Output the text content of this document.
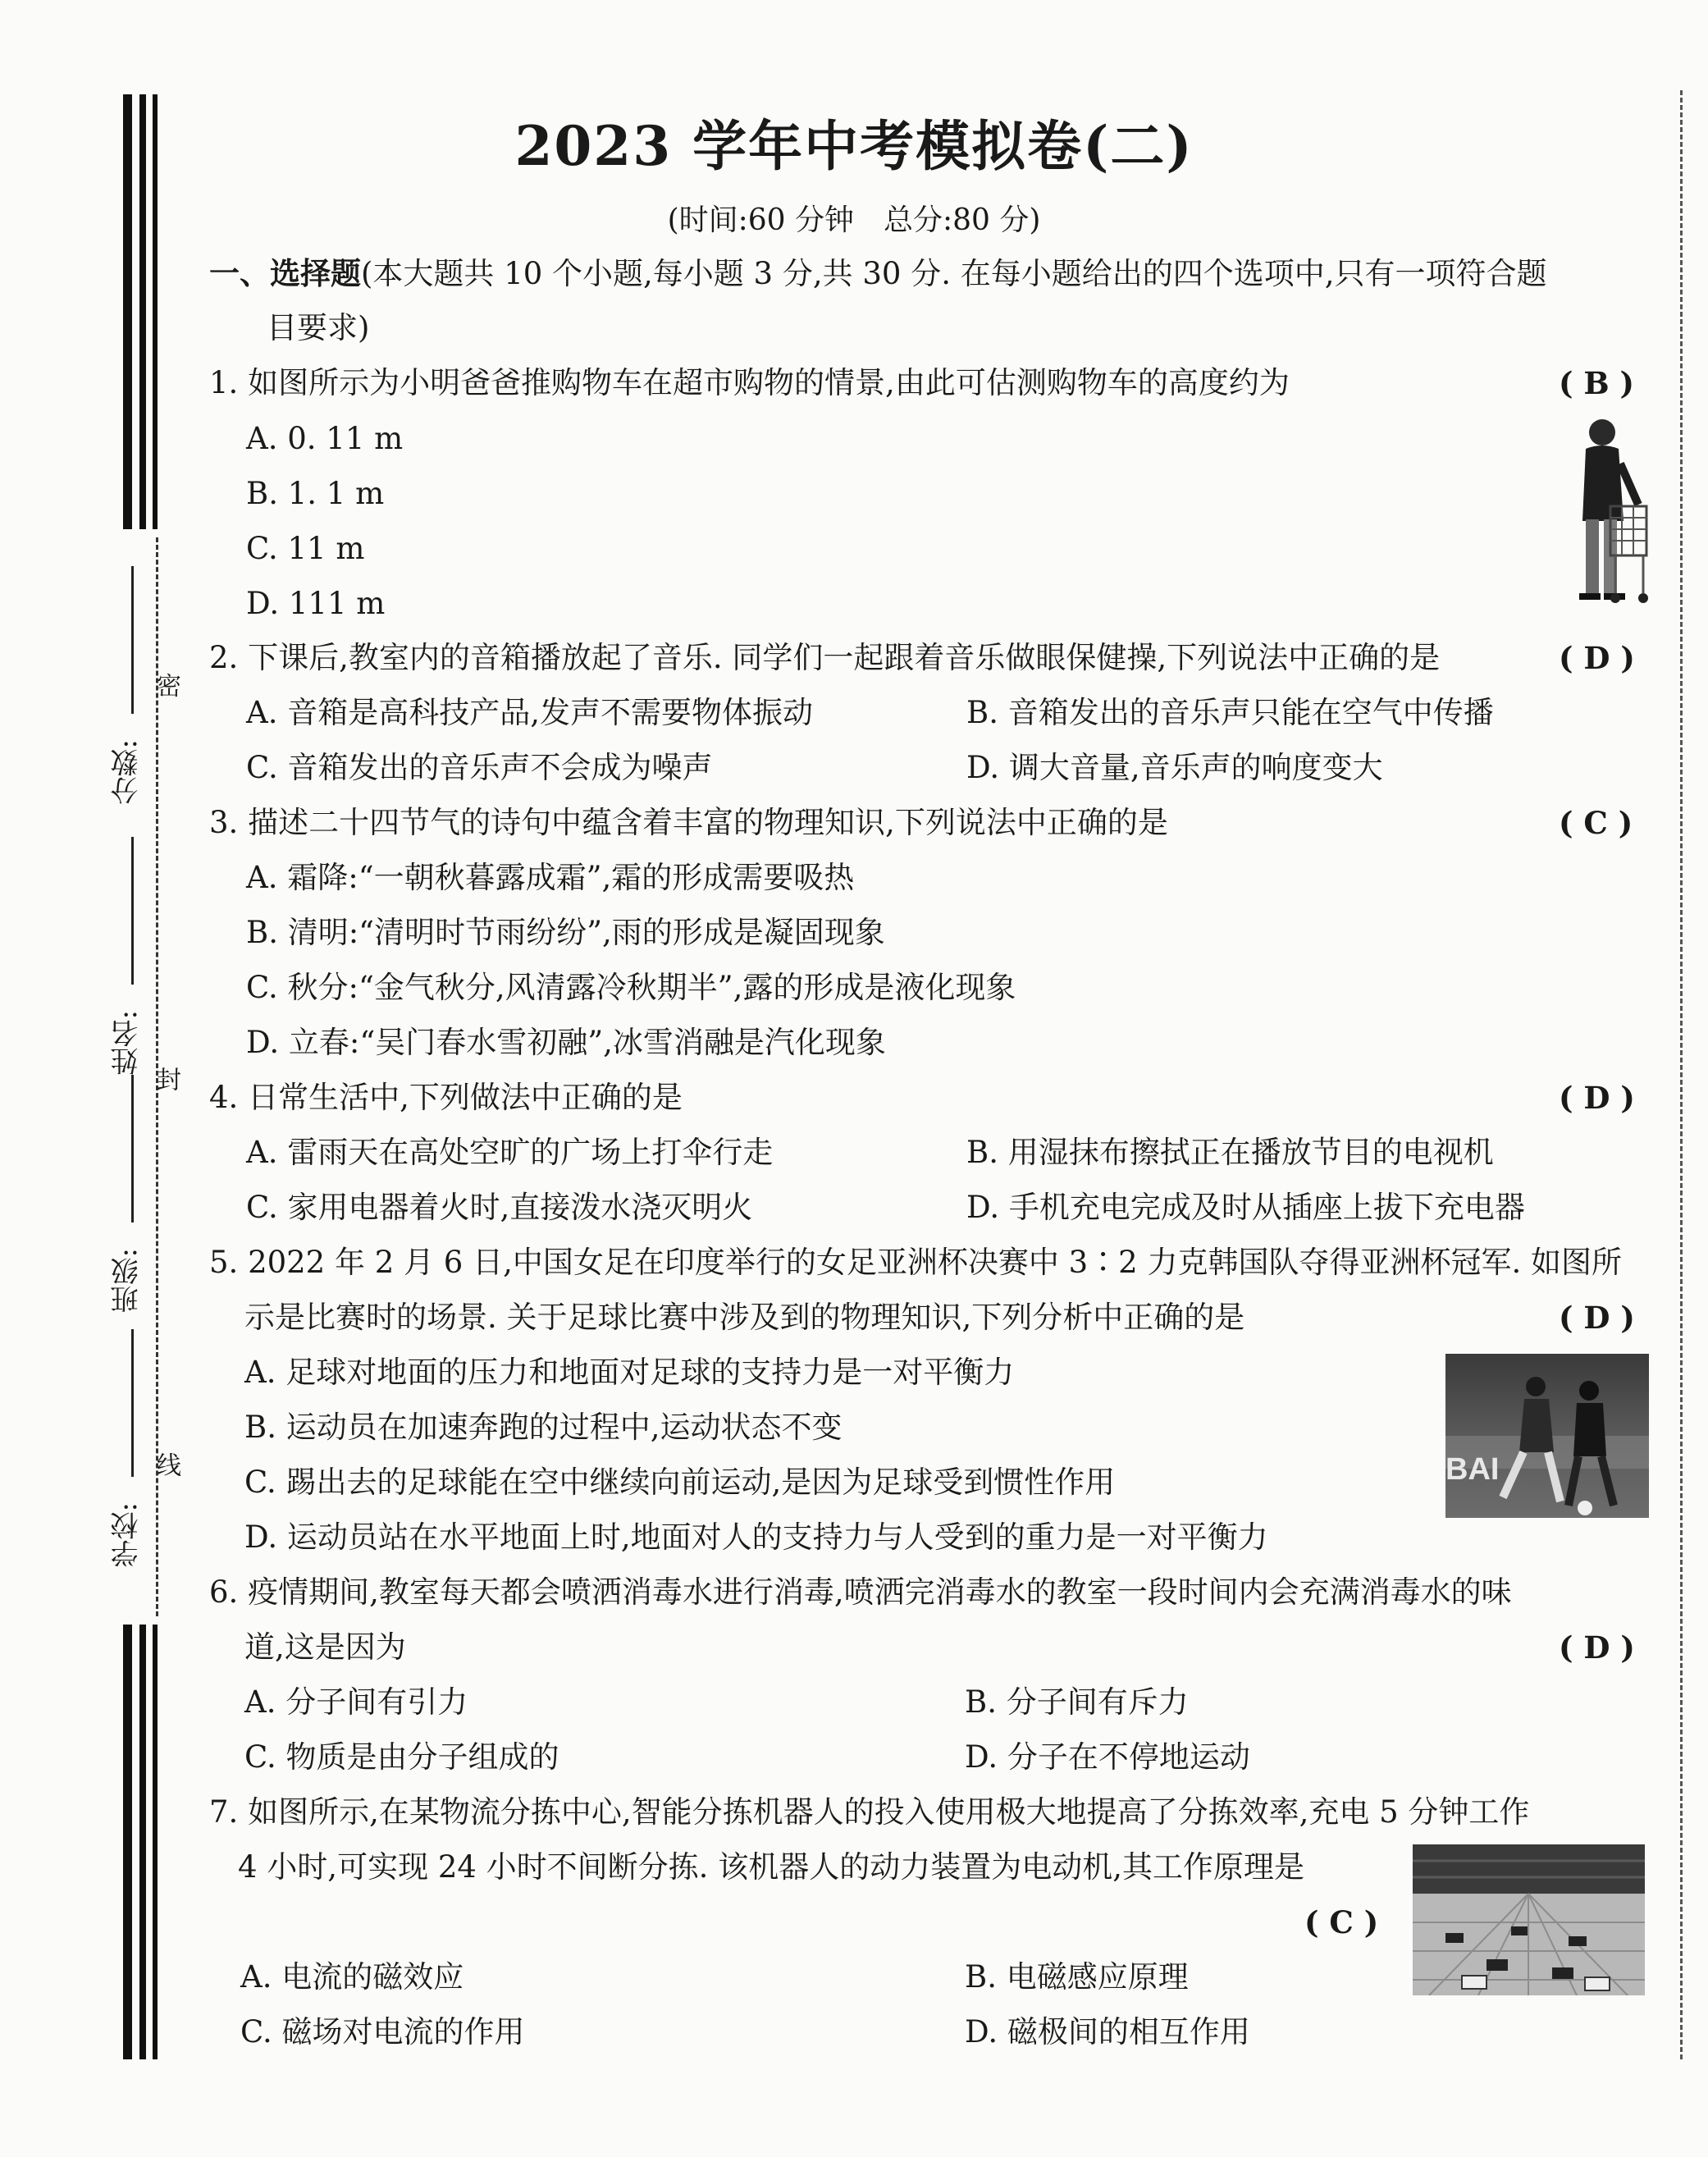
密
封
线
分数:
姓名:
班级:
学校:
2023 学年中考模拟卷(二)
(时间:60 分钟　总分:80 分)
一、选择题(本大题共 10 个小题,每小题 3 分,共 30 分. 在每小题给出的四个选项中,只有一项符合题
目要求)
1. 如图所示为小明爸爸推购物车在超市购物的情景,由此可估测购物车的高度约为	( B )
A. 0. 11 m
B. 1. 1 m
C. 11 m
D. 111 m
2. 下课后,教室内的音箱播放起了音乐. 同学们一起跟着音乐做眼保健操,下列说法中正确的是	( D )
A. 音箱是高科技产品,发声不需要物体振动	B. 音箱发出的音乐声只能在空气中传播
C. 音箱发出的音乐声不会成为噪声	D. 调大音量,音乐声的响度变大
3. 描述二十四节气的诗句中蕴含着丰富的物理知识,下列说法中正确的是	( C )
A. 霜降:“一朝秋暮露成霜”,霜的形成需要吸热
B. 清明:“清明时节雨纷纷”,雨的形成是凝固现象
C. 秋分:“金气秋分,风清露冷秋期半”,露的形成是液化现象
D. 立春:“吴门春水雪初融”,冰雪消融是汽化现象
4. 日常生活中,下列做法中正确的是	( D )
A. 雷雨天在高处空旷的广场上打伞行走	B. 用湿抹布擦拭正在播放节目的电视机
C. 家用电器着火时,直接泼水浇灭明火	D. 手机充电完成及时从插座上拔下充电器
5. 2022 年 2 月 6 日,中国女足在印度举行的女足亚洲杯决赛中 3∶2 力克韩国队夺得亚洲杯冠军. 如图所
示是比赛时的场景. 关于足球比赛中涉及到的物理知识,下列分析中正确的是	( D )
A. 足球对地面的压力和地面对足球的支持力是一对平衡力
B. 运动员在加速奔跑的过程中,运动状态不变
C. 踢出去的足球能在空中继续向前运动,是因为足球受到惯性作用
D. 运动员站在水平地面上时,地面对人的支持力与人受到的重力是一对平衡力
BAI
6. 疫情期间,教室每天都会喷洒消毒水进行消毒,喷洒完消毒水的教室一段时间内会充满消毒水的味
道,这是因为	( D )
A. 分子间有引力	B. 分子间有斥力
C. 物质是由分子组成的	D. 分子在不停地运动
7. 如图所示,在某物流分拣中心,智能分拣机器人的投入使用极大地提高了分拣效率,充电 5 分钟工作
4 小时,可实现 24 小时不间断分拣. 该机器人的动力装置为电动机,其工作原理是
( C )
A. 电流的磁效应	B. 电磁感应原理
C. 磁场对电流的作用	D. 磁极间的相互作用
